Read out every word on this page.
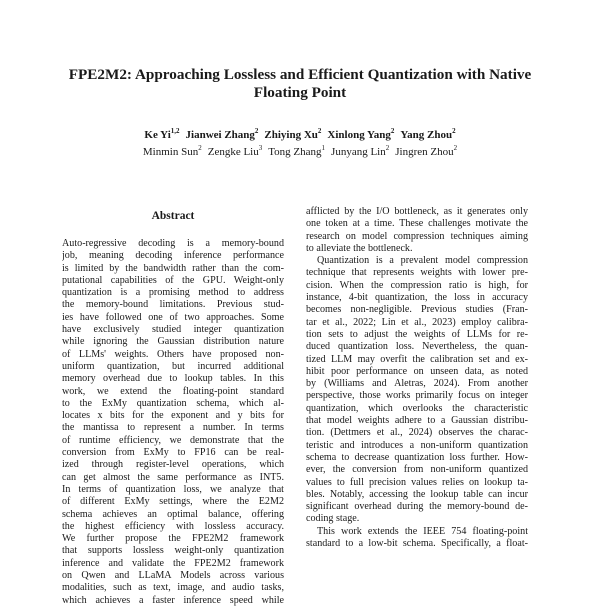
FPE2M2: Approaching Lossless and Efficient Quantization with Native
Floating Point
Ke Yi$^{1,2}$ Jianwei Zhang$^2$ Zhiying Xu$^2$ Xinlong Yang$^2$ Yang Zhou$^2$
Minmin Sun$^2$ Zengke Liu$^3$ Tong Zhang$^1$ Junyang Lin$^2$ Jingren Zhou$^2$
Abstract
Auto-regressive decoding is a memory-bound
job, meaning decoding inference performance
is limited by the bandwidth rather than the com-
putational capabilities of the GPU. Weight-only
quantization is a promising method to address
the memory-bound limitations. Previous stud-
ies have followed one of two approaches. Some
have exclusively studied integer quantization
while ignoring the Gaussian distribution nature
of LLMs' weights. Others have proposed non-
uniform quantization, but incurred additional
memory overhead due to lookup tables. In this
work, we extend the floating-point standard
to the ExMy quantization schema, which al-
locates x bits for the exponent and y bits for
the mantissa to represent a number. In terms
of runtime efficiency, we demonstrate that the
conversion from ExMy to FP16 can be real-
ized through register-level operations, which
can get almost the same performance as INT5.
In terms of quantization loss, we analyze that
of different ExMy settings, where the E2M2
schema achieves an optimal balance, offering
the highest efficiency with lossless accuracy.
We further propose the FPE2M2 framework
that supports lossless weight-only quantization
inference and validate the FPE2M2 framework
on Qwen and LLaMA Models across various
modalities, such as text, image, and audio tasks,
which achieves a faster inference speed while
afflicted by the I/O bottleneck, as it generates only
one token at a time. These challenges motivate the
research on model compression techniques aiming
to alleviate the bottleneck.
Quantization is a prevalent model compression
technique that represents weights with lower pre-
cision. When the compression ratio is high, for
instance, 4-bit quantization, the loss in accuracy
becomes non-negligible. Previous studies (Fran-
tar et al., 2022; Lin et al., 2023) employ calibra-
tion sets to adjust the weights of LLMs for re-
duced quantization loss. Nevertheless, the quan-
tized LLM may overfit the calibration set and ex-
hibit poor performance on unseen data, as noted
by (Williams and Aletras, 2024). From another
perspective, those works primarily focus on integer
quantization, which overlooks the characteristic
that model weights adhere to a Gaussian distribu-
tion. (Dettmers et al., 2024) observes the charac-
teristic and introduces a non-uniform quantization
schema to decrease quantization loss further. How-
ever, the conversion from non-uniform quantized
values to full precision values relies on lookup ta-
bles. Notably, accessing the lookup table can incur
significant overhead during the memory-bound de-
coding stage.
This work extends the IEEE 754 floating-point
standard to a low-bit schema. Specifically, a float-
